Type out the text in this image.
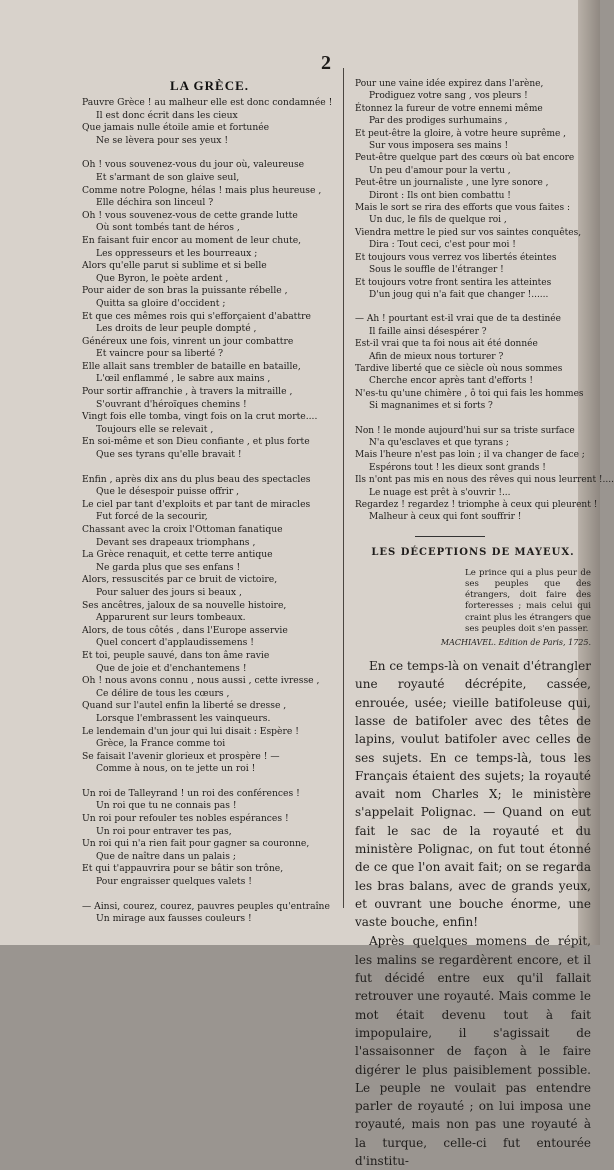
2
LA GRÈCE.
Pauvre Grèce ! au malheur elle est donc condamnée !
Il est donc écrit dans les cieux
Que jamais nulle étoile amie et fortunée
Ne se lèvera pour ses yeux !
Oh ! vous souvenez-vous du jour où, valeureuse
Et s'armant de son glaive seul,
Comme notre Pologne, hélas ! mais plus heureuse ,
Elle déchira son linceul ?
Oh ! vous souvenez-vous de cette grande lutte
Où sont tombés tant de héros ,
En faisant fuir encor au moment de leur chute,
Les oppresseurs et les bourreaux ;
Alors qu'elle parut si sublime et si belle
Que Byron, le poète ardent ,
Pour aider de son bras la puissante rébelle ,
Quitta sa gloire d'occident ;
Et que ces mêmes rois qui s'efforçaient d'abattre
Les droits de leur peuple dompté ,
Généreux une fois, vinrent un jour combattre
Et vaincre pour sa liberté ?
Elle allait sans trembler de bataille en bataille,
L'œil enflammé , le sabre aux mains ,
Pour sortir affranchie , à travers la mitraille ,
S'ouvrant d'héroïques chemins !
Vingt fois elle tomba, vingt fois on la crut morte....
Toujours elle se relevait ,
En soi-même et son Dieu confiante , et plus forte
Que ses tyrans qu'elle bravait !
Enfin , après dix ans du plus beau des spectacles
Que le désespoir puisse offrir ,
Le ciel par tant d'exploits et par tant de miracles
Fut forcé de la secourir,
Chassant avec la croix l'Ottoman fanatique
Devant ses drapeaux triomphans ,
La Grèce renaquit, et cette terre antique
Ne garda plus que ses enfans !
Alors, ressuscités par ce bruit de victoire,
Pour saluer des jours si beaux ,
Ses ancêtres, jaloux de sa nouvelle histoire,
Apparurent sur leurs tombeaux.
Alors, de tous côtés , dans l'Europe asservie
Quel concert d'applaudissemens !
Et toi, peuple sauvé, dans ton âme ravie
Que de joie et d'enchantemens !
Oh ! nous avons connu , nous aussi , cette ivresse ,
Ce délire de tous les cœurs ,
Quand sur l'autel enfin la liberté se dresse ,
Lorsque l'embrassent les vainqueurs.
Le lendemain d'un jour qui lui disait : Espère !
Grèce, la France comme toi
Se faisait l'avenir glorieux et prospère ! —
Comme à nous, on te jette un roi !
Un roi de Talleyrand ! un roi des conférences !
Un roi que tu ne connais pas !
Un roi pour refouler tes nobles espérances !
Un roi pour entraver tes pas,
Un roi qui n'a rien fait pour gagner sa couronne,
Que de naître dans un palais ;
Et qui t'appauvrira pour se bâtir son trône,
Pour engraisser quelques valets !
— Ainsi, courez, courez, pauvres peuples qu'entraîne
Un mirage aux fausses couleurs !
Pour une vaine idée expirez dans l'arène,
Prodiguez votre sang , vos pleurs !
Étonnez la fureur de votre ennemi même
Par des prodiges surhumains ,
Et peut-être la gloire, à votre heure suprême ,
Sur vous imposera ses mains !
Peut-être quelque part des cœurs où bat encore
Un peu d'amour pour la vertu ,
Peut-être un journaliste , une lyre sonore ,
Diront : Ils ont bien combattu !
Mais le sort se rira des efforts que vous faites :
Un duc, le fils de quelque roi ,
Viendra mettre le pied sur vos saintes conquêtes,
Dira : Tout ceci, c'est pour moi !
Et toujours vous verrez vos libertés éteintes
Sous le souffle de l'étranger !
Et toujours votre front sentira les atteintes
D'un joug qui n'a fait que changer !......
— Ah ! pourtant est-il vrai que de ta destinée
Il faille ainsi désespérer ?
Est-il vrai que ta foi nous ait été donnée
Afin de mieux nous torturer ?
Tardive liberté que ce siècle où nous sommes
Cherche encor après tant d'efforts !
N'es-tu qu'une chimère , ô toi qui fais les hommes
Si magnanimes et si forts ?
Non ! le monde aujourd'hui sur sa triste surface
N'a qu'esclaves et que tyrans ;
Mais l'heure n'est pas loin ; il va changer de face ;
Espérons tout ! les dieux sont grands !
Ils n'ont pas mis en nous des rêves qui nous leurrent !....
Le nuage est prêt à s'ouvrir !...
Regardez ! regardez ! triomphe à ceux qui pleurent !
Malheur à ceux qui font souffrir !
LES DÉCEPTIONS DE MAYEUX.
Le prince qui a plus peur de ses peuples que des étrangers, doit faire des forteresses ; mais celui qui craint plus les étrangers que ses peuples doit s'en passer.
MACHIAVEL. Edition de Paris, 1725.

En ce temps-là on venait d'étrangler une royauté décrépite, cassée, enrouée, usée; vieille batifoleuse qui, lasse de batifoler avec des têtes de lapins, voulut batifoler avec celles de ses sujets. En ce temps-là, tous les Français étaient des sujets; la royauté avait nom Charles X; le ministère s'appelait Polignac. — Quand on eut fait le sac de la royauté et du ministère Polignac, on fut tout étonné de ce que l'on avait fait; on se regarda les bras balans, avec de grands yeux, et ouvrant une bouche énorme, une vaste bouche, enfin!

Après quelques momens de répit, les malins se regardèrent encore, et il fut décidé entre eux qu'il fallait retrouver une royauté. Mais comme le mot était devenu tout à fait impopulaire, il s'agissait de l'assaisonner de façon à le faire digérer le plus paisiblement possible. Le peuple ne voulait pas entendre parler de royauté ; on lui imposa une royauté, mais non pas une royauté à la turque, celle-ci fut entourée d'institu-
